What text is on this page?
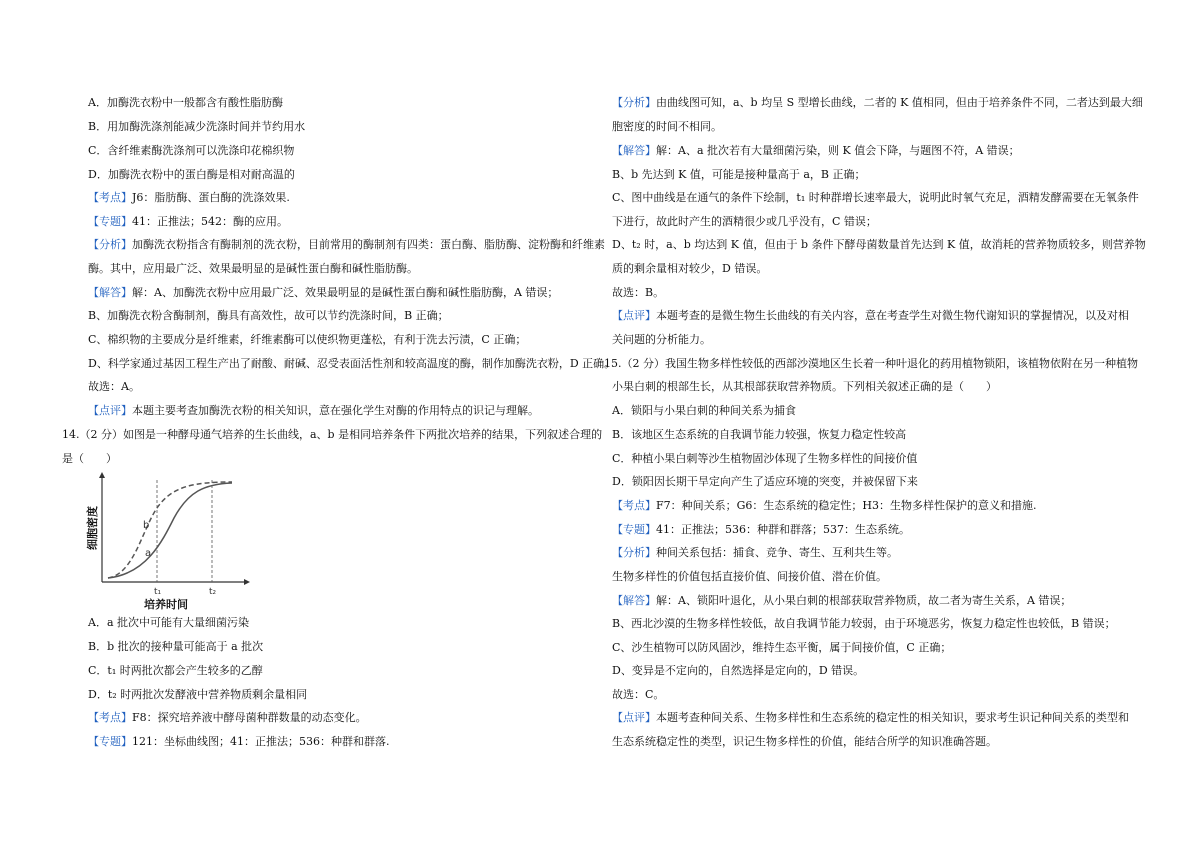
A．加酶洗衣粉中一般都含有酸性脂肪酶
B．用加酶洗涤剂能减少洗涤时间并节约用水
C．含纤维素酶洗涤剂可以洗涤印花棉织物
D．加酶洗衣粉中的蛋白酶是相对耐高温的
【考点】J6：脂肪酶、蛋白酶的洗涤效果.
【专题】41：正推法；542：酶的应用。
【分析】加酶洗衣粉指含有酶制剂的洗衣粉，目前常用的酶制剂有四类：蛋白酶、脂肪酶、淀粉酶和纤维素
酶。其中，应用最广泛、效果最明显的是碱性蛋白酶和碱性脂肪酶。
【解答】解：A、加酶洗衣粉中应用最广泛、效果最明显的是碱性蛋白酶和碱性脂肪酶，A 错误；
B、加酶洗衣粉含酶制剂，酶具有高效性，故可以节约洗涤时间，B 正确；
C、棉织物的主要成分是纤维素，纤维素酶可以使织物更蓬松，有利于洗去污渍，C 正确；
D、科学家通过基因工程生产出了耐酸、耐碱、忍受表面活性剂和较高温度的酶，制作加酶洗衣粉，D 正确。
故选：A。
【点评】本题主要考查加酶洗衣粉的相关知识，意在强化学生对酶的作用特点的识记与理解。
14.（2 分）如图是一种酵母通气培养的生长曲线，a、b 是相同培养条件下两批次培养的结果，下列叙述合理的
是（　　）
A．a 批次中可能有大量细菌污染
B．b 批次的接种量可能高于 a 批次
C．t₁ 时两批次都会产生较多的乙醇
D．t₂ 时两批次发酵液中营养物质剩余量相同
【考点】F8：探究培养液中酵母菌种群数量的动态变化。
【专题】121：坐标曲线图；41：正推法；536：种群和群落.
b
a
t₁	t₂
培养时间
细胞密度
【分析】由曲线图可知，a、b 均呈 S 型增长曲线，二者的 K 值相同，但由于培养条件不同，二者达到最大细
胞密度的时间不相同。
【解答】解：A、a 批次若有大量细菌污染，则 K 值会下降，与题图不符，A 错误；
B、b 先达到 K 值，可能是接种量高于 a，B 正确；
C、图中曲线是在通气的条件下绘制，t₁ 时种群增长速率最大，说明此时氧气充足，酒精发酵需要在无氧条件
下进行，故此时产生的酒精很少或几乎没有，C 错误；
D、t₂ 时，a、b 均达到 K 值，但由于 b 条件下酵母菌数量首先达到 K 值，故消耗的营养物质较多，则营养物
质的剩余量相对较少，D 错误。
故选：B。
【点评】本题考查的是微生物生长曲线的有关内容，意在考查学生对微生物代谢知识的掌握情况，以及对相
关问题的分析能力。
15.（2 分）我国生物多样性较低的西部沙漠地区生长着一种叶退化的药用植物锁阳，该植物依附在另一种植物
小果白刺的根部生长，从其根部获取营养物质。下列相关叙述正确的是（　　）
A．锁阳与小果白刺的种间关系为捕食
B．该地区生态系统的自我调节能力较强，恢复力稳定性较高
C．种植小果白刺等沙生植物固沙体现了生物多样性的间接价值
D．锁阳因长期干旱定向产生了适应环境的突变，并被保留下来
【考点】F7：种间关系；G6：生态系统的稳定性；H3：生物多样性保护的意义和措施.
【专题】41：正推法；536：种群和群落；537：生态系统。
【分析】种间关系包括：捕食、竞争、寄生、互利共生等。
生物多样性的价值包括直接价值、间接价值、潜在价值。
【解答】解：A、锁阳叶退化，从小果白刺的根部获取营养物质，故二者为寄生关系，A 错误；
B、西北沙漠的生物多样性较低，故自我调节能力较弱，由于环境恶劣，恢复力稳定性也较低，B 错误；
C、沙生植物可以防风固沙，维持生态平衡，属于间接价值，C 正确；
D、变异是不定向的，自然选择是定向的，D 错误。
故选：C。
【点评】本题考查种间关系、生物多样性和生态系统的稳定性的相关知识，要求考生识记种间关系的类型和
生态系统稳定性的类型，识记生物多样性的价值，能结合所学的知识准确答题。
